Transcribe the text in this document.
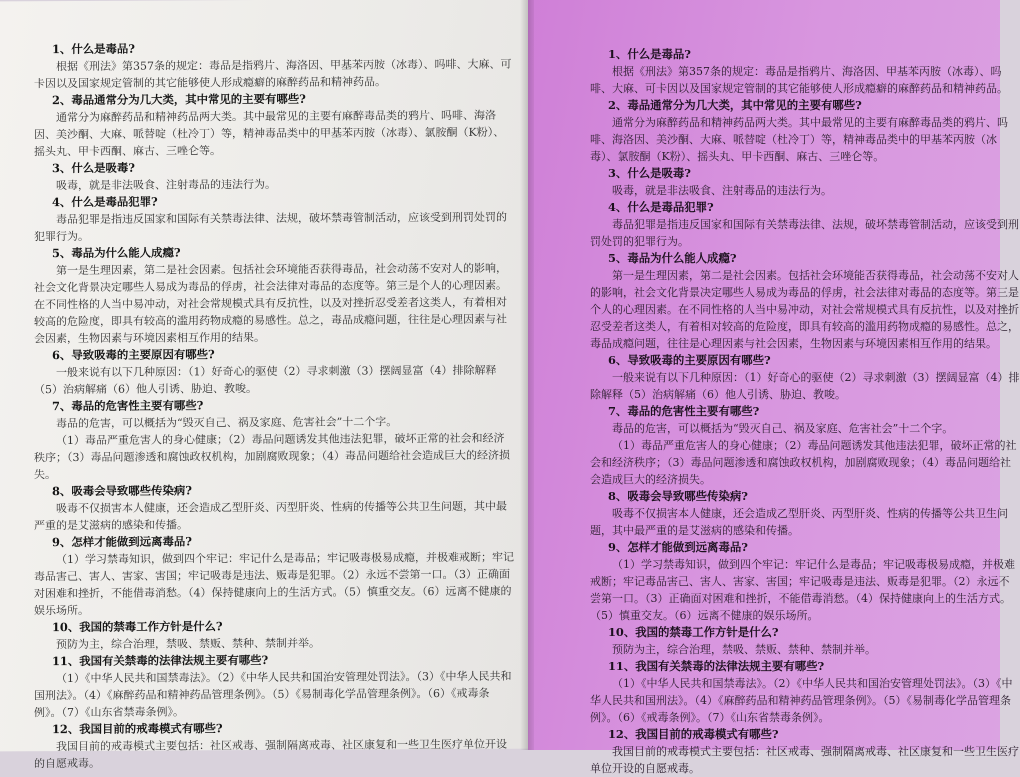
1、什么是毒品?

根据《刑法》第357条的规定：毒品是指鸦片、海洛因、甲基苯丙胺（冰毒）、吗啡、大麻、可卡因以及国家规定管制的其它能够使人形成瘾癖的麻醉药品和精神药品。

2、毒品通常分为几大类，其中常见的主要有哪些?

通常分为麻醉药品和精神药品两大类。其中最常见的主要有麻醉毒品类的鸦片、吗啡、海洛因、美沙酮、大麻、哌替啶（杜冷丁）等，精神毒品类中的甲基苯丙胺（冰毒）、氯胺酮（K粉）、摇头丸、甲卡西酮、麻古、三唑仑等。

3、什么是吸毒?

吸毒，就是非法吸食、注射毒品的违法行为。

4、什么是毒品犯罪?

毒品犯罪是指违反国家和国际有关禁毒法律、法规，破坏禁毒管制活动，应该受到刑罚处罚的犯罪行为。

5、毒品为什么能人成瘾?

第一是生理因素，第二是社会因素。包括社会环境能否获得毒品，社会动荡不安对人的影响，社会文化背景决定哪些人易成为毒品的俘虏，社会法律对毒品的态度等。第三是个人的心理因素。在不同性格的人当中易冲动，对社会常规模式具有反抗性，以及对挫折忍受差者这类人，有着相对较高的危险度，即具有较高的滥用药物成瘾的易感性。总之，毒品成瘾问题，往往是心理因素与社会因素，生物因素与环境因素相互作用的结果。

6、导致吸毒的主要原因有哪些?

一般来说有以下几种原因：（1）好奇心的驱使（2）寻求刺激（3）摆阔显富（4）排除解释（5）治病解痛（6）他人引诱、胁迫、教唆。

7、毒品的危害性主要有哪些?

毒品的危害，可以概括为“毁灭自己、祸及家庭、危害社会”十二个字。

（1）毒品严重危害人的身心健康；（2）毒品问题诱发其他违法犯罪，破坏正常的社会和经济秩序；（3）毒品问题渗透和腐蚀政权机构，加剧腐败现象；（4）毒品问题给社会造成巨大的经济损失。

8、吸毒会导致哪些传染病?

吸毒不仅损害本人健康，还会造成乙型肝炎、丙型肝炎、性病的传播等公共卫生问题，其中最严重的是艾滋病的感染和传播。

9、怎样才能做到远离毒品?

（1）学习禁毒知识，做到四个牢记：牢记什么是毒品；牢记吸毒极易成瘾，并极难戒断；牢记毒品害己、害人、害家、害国；牢记吸毒是违法、贩毒是犯罪。（2）永远不尝第一口。（3）正确面对困难和挫折，不能借毒消愁。（4）保持健康向上的生活方式。（5）慎重交友。（6）远离不健康的娱乐场所。

10、我国的禁毒工作方针是什么?

预防为主，综合治理，禁吸、禁贩、禁种、禁制并举。

11、我国有关禁毒的法律法规主要有哪些?

（1）《中华人民共和国禁毒法》。（2）《中华人民共和国治安管理处罚法》。（3）《中华人民共和国刑法》。（4）《麻醉药品和精神药品管理条例》。（5）《易制毒化学品管理条例》。（6）《戒毒条例》。（7）《山东省禁毒条例》。

12、我国目前的戒毒模式有哪些?

我国目前的戒毒模式主要包括：社区戒毒、强制隔离戒毒、社区康复和一些卫生医疗单位开设的自愿戒毒。

1、什么是毒品?

根据《刑法》第357条的规定：毒品是指鸦片、海洛因、甲基苯丙胺（冰毒）、吗啡、大麻、可卡因以及国家规定管制的其它能够使人形成瘾癖的麻醉药品和精神药品。

2、毒品通常分为几大类，其中常见的主要有哪些?

通常分为麻醉药品和精神药品两大类。其中最常见的主要有麻醉毒品类的鸦片、吗啡、海洛因、美沙酮、大麻、哌替啶（杜冷丁）等，精神毒品类中的甲基苯丙胺（冰毒）、氯胺酮（K粉）、摇头丸、甲卡西酮、麻古、三唑仑等。

3、什么是吸毒?

吸毒，就是非法吸食、注射毒品的违法行为。

4、什么是毒品犯罪?

毒品犯罪是指违反国家和国际有关禁毒法律、法规，破坏禁毒管制活动，应该受到刑罚处罚的犯罪行为。

5、毒品为什么能人成瘾?

第一是生理因素，第二是社会因素。包括社会环境能否获得毒品，社会动荡不安对人的影响，社会文化背景决定哪些人易成为毒品的俘虏，社会法律对毒品的态度等。第三是个人的心理因素。在不同性格的人当中易冲动，对社会常规模式具有反抗性，以及对挫折忍受差者这类人，有着相对较高的危险度，即具有较高的滥用药物成瘾的易感性。总之，毒品成瘾问题，往往是心理因素与社会因素，生物因素与环境因素相互作用的结果。

6、导致吸毒的主要原因有哪些?

一般来说有以下几种原因：（1）好奇心的驱使（2）寻求刺激（3）摆阔显富（4）排除解释（5）治病解痛（6）他人引诱、胁迫、教唆。

7、毒品的危害性主要有哪些?

毒品的危害，可以概括为“毁灭自己、祸及家庭、危害社会”十二个字。

（1）毒品严重危害人的身心健康；（2）毒品问题诱发其他违法犯罪，破坏正常的社会和经济秩序；（3）毒品问题渗透和腐蚀政权机构，加剧腐败现象；（4）毒品问题给社会造成巨大的经济损失。

8、吸毒会导致哪些传染病?

吸毒不仅损害本人健康，还会造成乙型肝炎、丙型肝炎、性病的传播等公共卫生问题，其中最严重的是艾滋病的感染和传播。

9、怎样才能做到远离毒品?

（1）学习禁毒知识，做到四个牢记：牢记什么是毒品；牢记吸毒极易成瘾，并极难戒断；牢记毒品害己、害人、害家、害国；牢记吸毒是违法、贩毒是犯罪。（2）永远不尝第一口。（3）正确面对困难和挫折，不能借毒消愁。（4）保持健康向上的生活方式。（5）慎重交友。（6）远离不健康的娱乐场所。

10、我国的禁毒工作方针是什么?

预防为主，综合治理，禁吸、禁贩、禁种、禁制并举。

11、我国有关禁毒的法律法规主要有哪些?

（1）《中华人民共和国禁毒法》。（2）《中华人民共和国治安管理处罚法》。（3）《中华人民共和国刑法》。（4）《麻醉药品和精神药品管理条例》。（5）《易制毒化学品管理条例》。（6）《戒毒条例》。（7）《山东省禁毒条例》。

12、我国目前的戒毒模式有哪些?

我国目前的戒毒模式主要包括：社区戒毒、强制隔离戒毒、社区康复和一些卫生医疗单位开设的自愿戒毒。
